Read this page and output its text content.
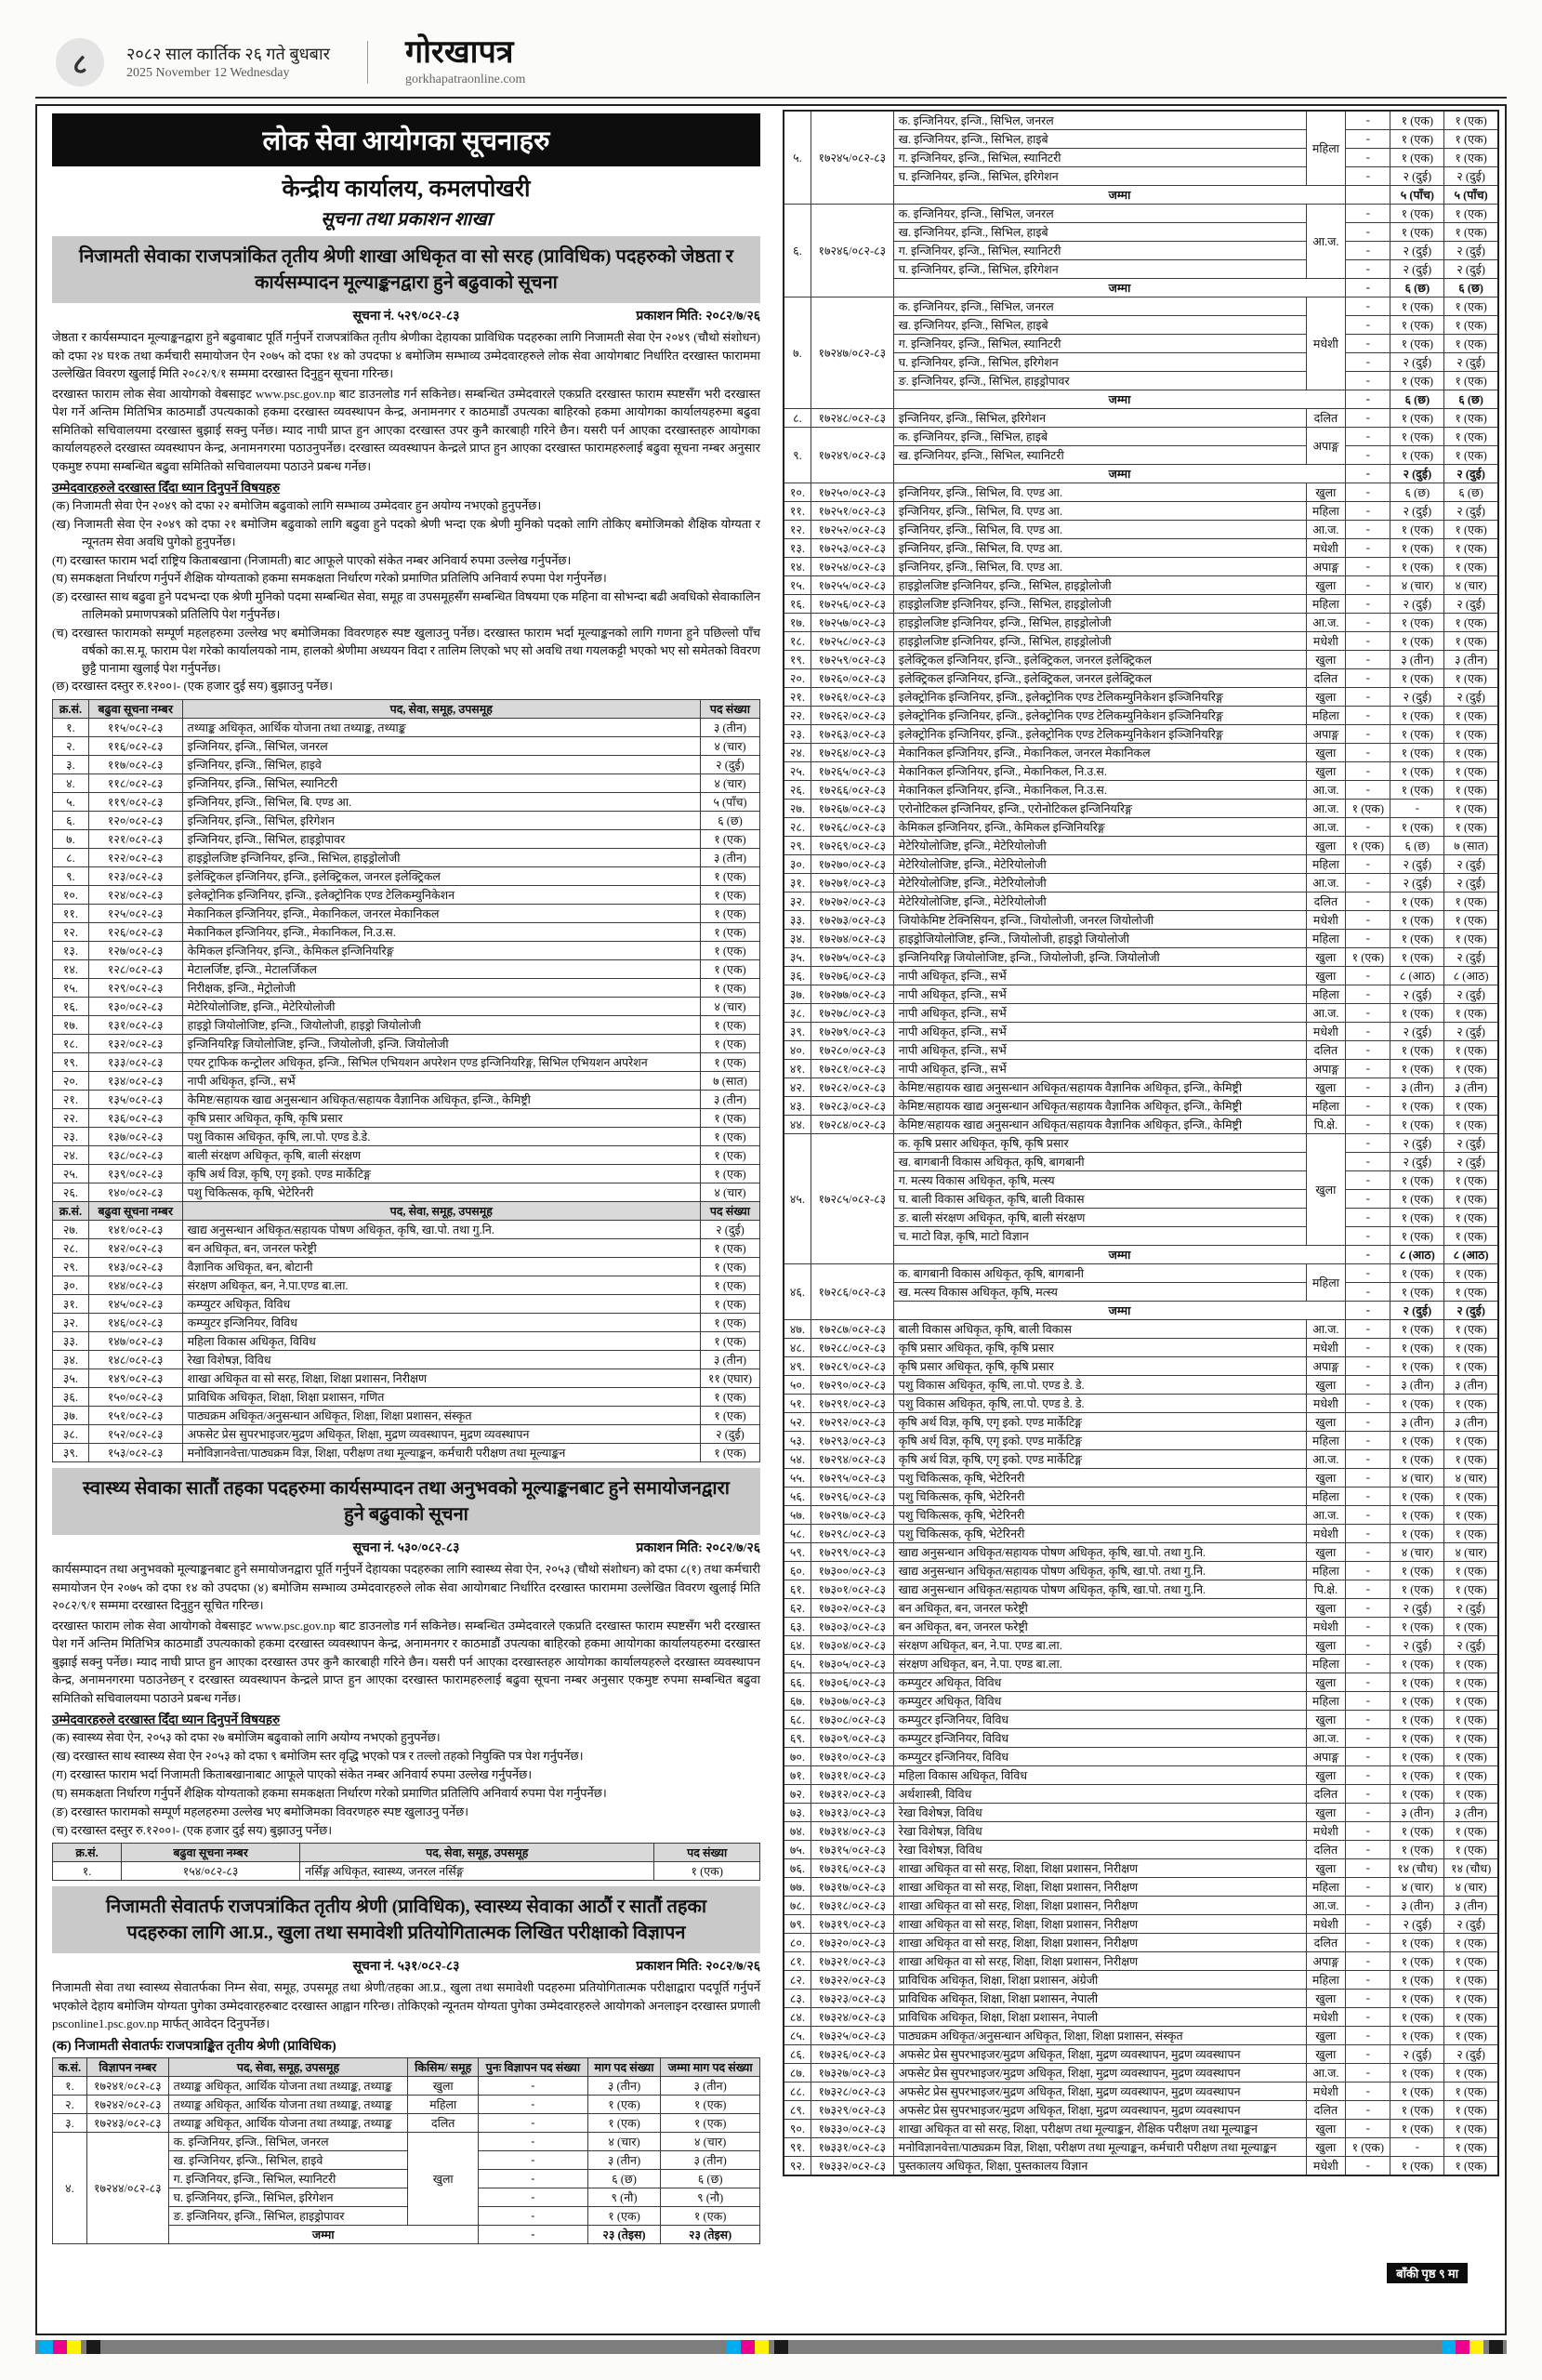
८	२०८२ साल कार्तिक २६ गते बुधबार
2025 November 12 Wednesday
गोरखापत्र
gorkhapatraonline.com
लोक सेवा आयोगका सूचनाहरु
केन्द्रीय कार्यालय, कमलपोखरी
सूचना तथा प्रकाशन शाखा
निजामती सेवाका राजपत्रांकित तृतीय श्रेणी शाखा अधिकृत वा सो सरह (प्राविधिक) पदहरुको जेष्ठता र कार्यसम्पादन मूल्याङ्कनद्वारा हुने बढुवाको सूचना
सूचना नं. ५२९/०८२-८३	प्रकाशन मिति: २०८२/७/२६

जेष्ठता र कार्यसम्पादन मूल्याङ्कनद्वारा हुने बढुवाबाट पूर्ति गर्नुपर्ने राजपत्रांकित तृतीय श्रेणीका देहायका प्राविधिक पदहरुका लागि निजामती सेवा ऐन २०४९ (चौथो संशोधन) को दफा २४ घ१क तथा कर्मचारी समायोजन ऐन २०७५ को दफा १४ को उपदफा ४ बमोजिम सम्भाव्य उम्मेदवारहरुले लोक सेवा आयोगबाट निर्धारित दरखास्त फाराममा उल्लेखित विवरण खुलाई मिति २०८२/९/१ सम्ममा दरखास्त दिनुहुन सूचना गरिन्छ।

दरखास्त फाराम लोक सेवा आयोगको वेबसाइट www.psc.gov.np बाट डाउनलोड गर्न सकिनेछ। सम्बन्धित उम्मेदवारले एकप्रति दरखास्त फाराम स्पष्टसँग भरी दरखास्त पेश गर्ने अन्तिम मितिभित्र काठमाडौं उपत्यकाको हकमा दरखास्त व्यवस्थापन केन्द्र, अनामनगर र काठमाडौं उपत्यका बाहिरको हकमा आयोगका कार्यालयहरुमा बढुवा समितिको सचिवालयमा दरखास्त बुझाई सक्नु पर्नेछ। म्याद नाघी प्राप्त हुन आएका दरखास्त उपर कुनै कारबाही गरिने छैन। यसरी पर्न आएका दरखास्तहरु आयोगका कार्यालयहरुले दरखास्त व्यवस्थापन केन्द्र, अनामनगरमा पठाउनुपर्नेछ। दरखास्त व्यवस्थापन केन्द्रले प्राप्त हुन आएका दरखास्त फारामहरुलाई बढुवा सूचना नम्बर अनुसार एकमुष्ट रुपमा सम्बन्धित बढुवा समितिको सचिवालयमा पठाउने प्रबन्ध गर्नेछ।

उम्मेदवारहरुले दरखास्त दिँदा ध्यान दिनुपर्ने विषयहरु

(क) निजामती सेवा ऐन २०४९ को दफा २२ बमोजिम बढुवाको लागि सम्भाव्य उम्मेदवार हुन अयोग्य नभएको हुनुपर्नेछ।

(ख) निजामती सेवा ऐन २०४९ को दफा २१ बमोजिम बढुवाको लागि बढुवा हुने पदको श्रेणी भन्दा एक श्रेणी मुनिको पदको लागि तोकिए बमोजिमको शैक्षिक योग्यता र न्यूनतम सेवा अवधि पुगेको हुनुपर्नेछ।

(ग) दरखास्त फाराम भर्दा राष्ट्रिय किताबखाना (निजामती) बाट आफूले पाएको संकेत नम्बर अनिवार्य रुपमा उल्लेख गर्नुपर्नेछ।

(घ) समकक्षता निर्धारण गर्नुपर्ने शैक्षिक योग्यताको हकमा समकक्षता निर्धारण गरेको प्रमाणित प्रतिलिपि अनिवार्य रुपमा पेश गर्नुपर्नेछ।

(ङ) दरखास्त साथ बढुवा हुने पदभन्दा एक श्रेणी मुनिको पदमा सम्बन्धित सेवा, समूह वा उपसमूहसँग सम्बन्धित विषयमा एक महिना वा सोभन्दा बढी अवधिको सेवाकालिन तालिमको प्रमाणपत्रको प्रतिलिपि पेश गर्नुपर्नेछ।

(च) दरखास्त फारामको सम्पूर्ण महलहरुमा उल्लेख भए बमोजिमका विवरणहरु स्पष्ट खुलाउनु पर्नेछ। दरखास्त फाराम भर्दा मूल्याङ्कनको लागि गणना हुने पछिल्लो पाँच वर्षको का.स.मू. फाराम पेश गरेको कार्यालयको नाम, हालको श्रेणीमा अध्ययन विदा र तालिम लिएको भए सो अवधि तथा गयलकट्टी भएको भए सो समेतको विवरण छुट्टै पानामा खुलाई पेश गर्नुपर्नेछ।

(छ) दरखास्त दस्तुर रु.१२००।- (एक हजार दुई सय) बुझाउनु पर्नेछ।

क्र.सं.	बढुवा सूचना नम्बर	पद, सेवा, समूह, उपसमूह	पद संख्या
१.	११५/०८२-८३	तथ्याङ्क अधिकृत, आर्थिक योजना तथा तथ्याङ्क, तथ्याङ्क	३ (तीन)
२.	११६/०८२-८३	इन्जिनियर, इन्जि., सिभिल, जनरल	४ (चार)
३.	११७/०८२-८३	इन्जिनियर, इन्जि., सिभिल, हाइवे	२ (दुई)
४.	११८/०८२-८३	इन्जिनियर, इन्जि., सिभिल, स्यानिटरी	४ (चार)
५.	११९/०८२-८३	इन्जिनियर, इन्जि., सिभिल, बि. एण्ड आ.	५ (पाँच)
६.	१२०/०८२-८३	इन्जिनियर, इन्जि., सिभिल, इरिगेशन	६ (छ)
७.	१२१/०८२-८३	इन्जिनियर, इन्जि., सिभिल, हाइड्रोपावर	१ (एक)
८.	१२२/०८२-८३	हाइड्रोलजिष्ट इन्जिनियर, इन्जि., सिभिल, हाइड्रोलोजी	३ (तीन)
९.	१२३/०८२-८३	इलेक्ट्रिकल इन्जिनियर, इन्जि., इलेक्ट्रिकल, जनरल इलेक्ट्रिकल	१ (एक)
१०.	१२४/०८२-८३	इलेक्ट्रोनिक इन्जिनियर, इन्जि., इलेक्ट्रोनिक एण्ड टेलिकम्युनिकेशन	१ (एक)
११.	१२५/०८२-८३	मेकानिकल इन्जिनियर, इन्जि., मेकानिकल, जनरल मेकानिकल	१ (एक)
१२.	१२६/०८२-८३	मेकानिकल इन्जिनियर, इन्जि., मेकानिकल, नि.उ.स.	१ (एक)
१३.	१२७/०८२-८३	केमिकल इन्जिनियर, इन्जि., केमिकल इन्जिनियरिङ्ग	१ (एक)
१४.	१२८/०८२-८३	मेटालर्जिष्ट, इन्जि., मेटालर्जिकल	१ (एक)
१५.	१२९/०८२-८३	निरीक्षक, इन्जि., मेट्रोलोजी	१ (एक)
१६.	१३०/०८२-८३	मेटेरियोलोजिष्ट, इन्जि., मेटेरियोलोजी	४ (चार)
१७.	१३१/०८२-८३	हाइड्रो जियोलोजिष्ट, इन्जि., जियोलोजी, हाइड्रो जियोलोजी	१ (एक)
१८.	१३२/०८२-८३	इन्जिनियरिङ्ग जियोलोजिष्ट, इन्जि., जियोलोजी, इन्जि. जियोलोजी	१ (एक)
१९.	१३३/०८२-८३	एयर ट्राफिक कन्ट्रोलर अधिकृत, इन्जि., सिभिल एभियशन अपरेशन एण्ड इन्जिनियरिङ्ग, सिभिल एभियशन अपरेशन	१ (एक)
२०.	१३४/०८२-८३	नापी अधिकृत, इन्जि., सर्भे	७ (सात)
२१.	१३५/०८२-८३	केमिष्ट/सहायक खाद्य अनुसन्धान अधिकृत/सहायक वैज्ञानिक अधिकृत, इन्जि., केमिष्ट्री	३ (तीन)
२२.	१३६/०८२-८३	कृषि प्रसार अधिकृत, कृषि, कृषि प्रसार	१ (एक)
२३.	१३७/०८२-८३	पशु विकास अधिकृत, कृषि, ला.पो. एण्ड डे.डे.	१ (एक)
२४.	१३८/०८२-८३	बाली संरक्षण अधिकृत, कृषि, बाली संरक्षण	१ (एक)
२५.	१३९/०८२-८३	कृषि अर्थ विज्ञ, कृषि, एगृ इको. एण्ड मार्केटिङ्ग	१ (एक)
२६.	१४०/०८२-८३	पशु चिकित्सक, कृषि, भेटेरिनरी	४ (चार)
क्र.सं.	बढुवा सूचना नम्बर	पद, सेवा, समूह, उपसमूह	पद संख्या
२७.	१४१/०८२-८३	खाद्य अनुसन्धान अधिकृत/सहायक पोषण अधिकृत, कृषि, खा.पो. तथा गु.नि.	२ (दुई)
२८.	१४२/०८२-८३	बन अधिकृत, बन, जनरल फरेष्ट्री	१ (एक)
२९.	१४३/०८२-८३	वैज्ञानिक अधिकृत, बन, बोटानी	१ (एक)
३०.	१४४/०८२-८३	संरक्षण अधिकृत, बन, ने.पा.एण्ड बा.ला.	१ (एक)
३१.	१४५/०८२-८३	कम्प्युटर अधिकृत, विविध	१ (एक)
३२.	१४६/०८२-८३	कम्प्युटर इन्जिनियर, विविध	१ (एक)
३३.	१४७/०८२-८३	महिला विकास अधिकृत, विविध	१ (एक)
३४.	१४८/०८२-८३	रेखा विशेषज्ञ, विविध	३ (तीन)
३५.	१४९/०८२-८३	शाखा अधिकृत वा सो सरह, शिक्षा, शिक्षा प्रशासन, निरीक्षण	११ (एघार)
३६.	१५०/०८२-८३	प्राविधिक अधिकृत, शिक्षा, शिक्षा प्रशासन, गणित	१ (एक)
३७.	१५१/०८२-८३	पाठ्यक्रम अधिकृत/अनुसन्धान अधिकृत, शिक्षा, शिक्षा प्रशासन, संस्कृत	१ (एक)
३८.	१५२/०८२-८३	अफसेट प्रेस सुपरभाइजर/मुद्रण अधिकृत, शिक्षा, मुद्रण व्यवस्थापन, मुद्रण व्यवस्थापन	२ (दुई)
३९.	१५३/०८२-८३	मनोविज्ञानवेत्ता/पाठ्यक्रम विज्ञ, शिक्षा, परीक्षण तथा मूल्याङ्कन, कर्मचारी परीक्षण तथा मूल्याङ्कन	१ (एक)
स्वास्थ्य सेवाका सातौं तहका पदहरुमा कार्यसम्पादन तथा अनुभवको मूल्याङ्कनबाट हुने समायोजनद्वारा हुने बढुवाको सूचना
सूचना नं. ५३०/०८२-८३	प्रकाशन मिति: २०८२/७/२६

कार्यसम्पादन तथा अनुभवको मूल्याङ्कनबाट हुने समायोजनद्वारा पूर्ति गर्नुपर्ने देहायका पदहरुका लागि स्वास्थ्य सेवा ऐन, २०५३ (चौथो संशोधन) को दफा ८(१) तथा कर्मचारी समायोजन ऐन २०७५ को दफा १४ को उपदफा (४) बमोजिम सम्भाव्य उम्मेदवारहरुले लोक सेवा आयोगबाट निर्धारित दरखास्त फाराममा उल्लेखित विवरण खुलाई मिति २०८२/९/१ सम्ममा दरखास्त दिनुहुन सूचित गरिन्छ।

दरखास्त फाराम लोक सेवा आयोगको वेबसाइट www.psc.gov.np बाट डाउनलोड गर्न सकिनेछ। सम्बन्धित उम्मेदवारले एकप्रति दरखास्त फाराम स्पष्टसँग भरी दरखास्त पेश गर्ने अन्तिम मितिभित्र काठमाडौं उपत्यकाको हकमा दरखास्त व्यवस्थापन केन्द्र, अनामनगर र काठमाडौं उपत्यका बाहिरको हकमा आयोगका कार्यालयहरुमा दरखास्त बुझाई सक्नु पर्नेछ। म्याद नाघी प्राप्त हुन आएका दरखास्त उपर कुनै कारबाही गरिने छैन। यसरी पर्न आएका दरखास्तहरु आयोगका कार्यालयहरुले दरखास्त व्यवस्थापन केन्द्र, अनामनगरमा पठाउनेछन् र दरखास्त व्यवस्थापन केन्द्रले प्राप्त हुन आएका दरखास्त फारामहरुलाई बढुवा सूचना नम्बर अनुसार एकमुष्ट रुपमा सम्बन्धित बढुवा समितिको सचिवालयमा पठाउने प्रबन्ध गर्नेछ।

उम्मेदवारहरुले दरखास्त दिँदा ध्यान दिनुपर्ने विषयहरु

(क) स्वास्थ्य सेवा ऐन, २०५३ को दफा २७ बमोजिम बढुवाको लागि अयोग्य नभएको हुनुपर्नेछ।

(ख) दरखास्त साथ स्वास्थ्य सेवा ऐन २०५३ को दफा ९ बमोजिम स्तर वृद्धि भएको पत्र र तल्लो तहको नियुक्ति पत्र पेश गर्नुपर्नेछ।

(ग) दरखास्त फाराम भर्दा निजामती किताबखानाबाट आफूले पाएको संकेत नम्बर अनिवार्य रुपमा उल्लेख गर्नुपर्नेछ।

(घ) समकक्षता निर्धारण गर्नुपर्ने शैक्षिक योग्यताको हकमा समकक्षता निर्धारण गरेको प्रमाणित प्रतिलिपि अनिवार्य रुपमा पेश गर्नुपर्नेछ।

(ङ) दरखास्त फारामको सम्पूर्ण महलहरुमा उल्लेख भए बमोजिमका विवरणहरु स्पष्ट खुलाउनु पर्नेछ।

(च) दरखास्त दस्तुर रु.१२००।- (एक हजार दुई सय) बुझाउनु पर्नेछ।

क्र.सं.	बढुवा सूचना नम्बर	पद, सेवा, समूह, उपसमूह	पद संख्या
१.	१५४/०८२-८३	नर्सिङ्ग अधिकृत, स्वास्थ्य, जनरल नर्सिङ्ग	१ (एक)
निजामती सेवातर्फ राजपत्रांकित तृतीय श्रेणी (प्राविधिक), स्वास्थ्य सेवाका आठौं र सातौं तहका पदहरुका लागि आ.प्र., खुला तथा समावेशी प्रतियोगितात्मक लिखित परीक्षाको विज्ञापन
सूचना नं. ५३१/०८२-८३	प्रकाशन मिति: २०८२/७/२६

निजामती सेवा तथा स्वास्थ्य सेवातर्फका निम्न सेवा, समूह, उपसमूह तथा श्रेणी/तहका आ.प्र., खुला तथा समावेशी पदहरुमा प्रतियोगितात्मक परीक्षाद्वारा पदपूर्ति गर्नुपर्ने भएकोले देहाय बमोजिम योग्यता पुगेका उम्मेदवारहरुबाट दरखास्त आह्वान गरिन्छ। तोकिएको न्यूनतम योग्यता पुगेका उम्मेदवारहरुले आयोगको अनलाइन दरखास्त प्रणाली psconline1.psc.gov.np मार्फत् आवेदन दिनुपर्नेछ।

(क) निजामती सेवातर्फः राजपत्राङ्कित तृतीय श्रेणी (प्राविधिक)
क.सं.	विज्ञापन नम्बर	पद, सेवा, समूह, उपसमूह	किसिम/ समूह	पुनः विज्ञापन पद संख्या	माग पद संख्या	जम्मा माग पद संख्या
१.	१७२४१/०८२-८३	तथ्याङ्क अधिकृत, आर्थिक योजना तथा तथ्याङ्क, तथ्याङ्क	खुला	-	३ (तीन)	३ (तीन)
२.	१७२४२/०८२-८३	तथ्याङ्क अधिकृत, आर्थिक योजना तथा तथ्याङ्क, तथ्याङ्क	महिला	-	१ (एक)	१ (एक)
३.	१७२४३/०८२-८३	तथ्याङ्क अधिकृत, आर्थिक योजना तथा तथ्याङ्क, तथ्याङ्क	दलित	-	१ (एक)	१ (एक)
४.	१७२४४/०८२-८३	क. इन्जिनियर, इन्जि., सिभिल, जनरल	खुला	-	४ (चार)	४ (चार)
		ख. इन्जिनियर, इन्जि., सिभिल, हाइवे		-	३ (तीन)	३ (तीन)
		ग. इन्जिनियर, इन्जि., सिभिल, स्यानिटरी		-	६ (छ)	६ (छ)
		घ. इन्जिनियर, इन्जि., सिभिल, इरिगेशन		-	९ (नौ)	९ (नौ)
		ङ. इन्जिनियर, इन्जि., सिभिल, हाइड्रोपावर		-	१ (एक)	१ (एक)
		जम्मा		-	२३ (तेइस)	२३ (तेइस)
५.	१७२४५/०८२-८३	क. इन्जिनियर, इन्जि., सिभिल, जनरल	महिला	-	१ (एक)	१ (एक)
		ख. इन्जिनियर, इन्जि., सिभिल, हाइबे		-	१ (एक)	१ (एक)
		ग. इन्जिनियर, इन्जि., सिभिल, स्यानिटरी		-	१ (एक)	१ (एक)
		घ. इन्जिनियर, इन्जि., सिभिल, इरिगेशन		-	२ (दुई)	२ (दुई)
		जम्मा			५ (पाँच)	५ (पाँच)
६.	१७२४६/०८२-८३	क. इन्जिनियर, इन्जि., सिभिल, जनरल	आ.ज.	-	१ (एक)	१ (एक)
		ख. इन्जिनियर, इन्जि., सिभिल, हाइबे		-	१ (एक)	१ (एक)
		ग. इन्जिनियर, इन्जि., सिभिल, स्यानिटरी		-	२ (दुई)	२ (दुई)
		घ. इन्जिनियर, इन्जि., सिभिल, इरिगेशन		-	२ (दुई)	२ (दुई)
		जम्मा		-	६ (छ)	६ (छ)
७.	१७२४७/०८२-८३	क. इन्जिनियर, इन्जि., सिभिल, जनरल	मधेशी	-	१ (एक)	१ (एक)
		ख. इन्जिनियर, इन्जि., सिभिल, हाइबे		-	१ (एक)	१ (एक)
		ग. इन्जिनियर, इन्जि., सिभिल, स्यानिटरी		-	१ (एक)	१ (एक)
		घ. इन्जिनियर, इन्जि., सिभिल, इरिगेशन		-	२ (दुई)	२ (दुई)
		ङ. इन्जिनियर, इन्जि., सिभिल, हाइड्रोपावर		-	१ (एक)	१ (एक)
		जम्मा		-	६ (छ)	६ (छ)
८.	१७२४८/०८२-८३	इन्जिनियर, इन्जि., सिभिल, इरिगेशन	दलित	-	१ (एक)	१ (एक)
९.	१७२४९/०८२-८३	क. इन्जिनियर, इन्जि., सिभिल, हाइबे	अपाङ्ग	-	१ (एक)	१ (एक)
		ख. इन्जिनियर, इन्जि., सिभिल, स्यानिटरी		-	१ (एक)	१ (एक)
		जम्मा		-	२ (दुई)	२ (दुई)
१०.	१७२५०/०८२-८३	इन्जिनियर, इन्जि., सिभिल, वि. एण्ड आ.	खुला	-	६ (छ)	६ (छ)
११.	१७२५१/०८२-८३	इन्जिनियर, इन्जि., सिभिल, वि. एण्ड आ.	महिला	-	२ (दुई)	२ (दुई)
१२.	१७२५२/०८२-८३	इन्जिनियर, इन्जि., सिभिल, वि. एण्ड आ.	आ.ज.	-	१ (एक)	१ (एक)
१३.	१७२५३/०८२-८३	इन्जिनियर, इन्जि., सिभिल, वि. एण्ड आ.	मधेशी	-	१ (एक)	१ (एक)
१४.	१७२५४/०८२-८३	इन्जिनियर, इन्जि., सिभिल, वि. एण्ड आ.	अपाङ्ग	-	१ (एक)	१ (एक)
१५.	१७२५५/०८२-८३	हाइड्रोलजिष्ट इन्जिनियर, इन्जि., सिभिल, हाइड्रोलोजी	खुला	-	४ (चार)	४ (चार)
१६.	१७२५६/०८२-८३	हाइड्रोलजिष्ट इन्जिनियर, इन्जि., सिभिल, हाइड्रोलोजी	महिला	-	२ (दुई)	२ (दुई)
१७.	१७२५७/०८२-८३	हाइड्रोलजिष्ट इन्जिनियर, इन्जि., सिभिल, हाइड्रोलोजी	आ.ज.	-	१ (एक)	१ (एक)
१८.	१७२५८/०८२-८३	हाइड्रोलजिष्ट इन्जिनियर, इन्जि., सिभिल, हाइड्रोलोजी	मधेशी	-	१ (एक)	१ (एक)
१९.	१७२५९/०८२-८३	इलेक्ट्रिकल इन्जिनियर, इन्जि., इलेक्ट्रिकल, जनरल इलेक्ट्रिकल	खुला	-	३ (तीन)	३ (तीन)
२०.	१७२६०/०८२-८३	इलेक्ट्रिकल इन्जिनियर, इन्जि., इलेक्ट्रिकल, जनरल इलेक्ट्रिकल	दलित	-	१ (एक)	१ (एक)
२१.	१७२६१/०८२-८३	इलेक्ट्रोनिक इन्जिनियर, इन्जि., इलेक्ट्रोनिक एण्ड टेलिकम्युनिकेशन इञ्जिनियरिङ्ग	खुला	-	२ (दुई)	२ (दुई)
२२.	१७२६२/०८२-८३	इलेक्ट्रोनिक इन्जिनियर, इन्जि., इलेक्ट्रोनिक एण्ड टेलिकम्युनिकेशन इञ्जिनियरिङ्ग	महिला	-	१ (एक)	१ (एक)
२३.	१७२६३/०८२-८३	इलेक्ट्रोनिक इन्जिनियर, इन्जि., इलेक्ट्रोनिक एण्ड टेलिकम्युनिकेशन इञ्जिनियरिङ्ग	अपाङ्ग	-	१ (एक)	१ (एक)
२४.	१७२६४/०८२-८३	मेकानिकल इन्जिनियर, इन्जि., मेकानिकल, जनरल मेकानिकल	खुला	-	१ (एक)	१ (एक)
२५.	१७२६५/०८२-८३	मेकानिकल इन्जिनियर, इन्जि., मेकानिकल, नि.उ.स.	खुला	-	१ (एक)	१ (एक)
२६.	१७२६६/०८२-८३	मेकानिकल इन्जिनियर, इन्जि., मेकानिकल, नि.उ.स.	आ.ज.	-	१ (एक)	१ (एक)
२७.	१७२६७/०८२-८३	एरोनोटिकल इन्जिनियर, इन्जि., एरोनोटिकल इन्जिनियरिङ्ग	आ.ज.	१ (एक)	-	१ (एक)
२८.	१७२६८/०८२-८३	केमिकल इन्जिनियर, इन्जि., केमिकल इन्जिनियरिङ्ग	आ.ज.	-	१ (एक)	१ (एक)
२९.	१७२६९/०८२-८३	मेटेरियोलोजिष्ट, इन्जि., मेटेरियोलोजी	खुला	१ (एक)	६ (छ)	७ (सात)
३०.	१७२७०/०८२-८३	मेटेरियोलोजिष्ट, इन्जि., मेटेरियोलोजी	महिला	-	२ (दुई)	२ (दुई)
३१.	१७२७१/०८२-८३	मेटेरियोलोजिष्ट, इन्जि., मेटेरियोलोजी	आ.ज.	-	२ (दुई)	२ (दुई)
३२.	१७२७२/०८२-८३	मेटेरियोलोजिष्ट, इन्जि., मेटेरियोलोजी	दलित	-	१ (एक)	१ (एक)
३३.	१७२७३/०८२-८३	जियोकेमिष्ट टेक्निसियन, इन्जि., जियोलोजी, जनरल जियोलोजी	मधेशी	-	१ (एक)	१ (एक)
३४.	१७२७४/०८२-८३	हाइड्रोजियोलोजिष्ट, इन्जि., जियोलोजी, हाइड्रो जियोलोजी	महिला	-	१ (एक)	१ (एक)
३५.	१७२७५/०८२-८३	इन्जिनियरिङ्ग जियोलोजिष्ट, इन्जि., जियोलोजी, इन्जि. जियोलोजी	खुला	१ (एक)	१ (एक)	२ (दुई)
३६.	१७२७६/०८२-८३	नापी अधिकृत, इन्जि., सर्भे	खुला	-	८ (आठ)	८ (आठ)
३७.	१७२७७/०८२-८३	नापी अधिकृत, इन्जि., सर्भे	महिला	-	२ (दुई)	२ (दुई)
३८.	१७२७८/०८२-८३	नापी अधिकृत, इन्जि., सर्भे	आ.ज.	-	१ (एक)	१ (एक)
३९.	१७२७९/०८२-८३	नापी अधिकृत, इन्जि., सर्भे	मधेशी	-	२ (दुई)	२ (दुई)
४०.	१७२८०/०८२-८३	नापी अधिकृत, इन्जि., सर्भे	दलित	-	१ (एक)	१ (एक)
४१.	१७२८१/०८२-८३	नापी अधिकृत, इन्जि., सर्भे	अपाङ्ग	-	१ (एक)	१ (एक)
४२.	१७२८२/०८२-८३	केमिष्ट/सहायक खाद्य अनुसन्धान अधिकृत/सहायक वैज्ञानिक अधिकृत, इन्जि., केमिष्ट्री	खुला	-	३ (तीन)	३ (तीन)
४३.	१७२८३/०८२-८३	केमिष्ट/सहायक खाद्य अनुसन्धान अधिकृत/सहायक वैज्ञानिक अधिकृत, इन्जि., केमिष्ट्री	महिला	-	१ (एक)	१ (एक)
४४.	१७२८४/०८२-८३	केमिष्ट/सहायक खाद्य अनुसन्धान अधिकृत/सहायक वैज्ञानिक अधिकृत, इन्जि., केमिष्ट्री	पि.क्षे.	-	१ (एक)	१ (एक)
४५.	१७२८५/०८२-८३	क. कृषि प्रसार अधिकृत, कृषि, कृषि प्रसार	खुला	-	२ (दुई)	२ (दुई)
		ख. बागबानी विकास अधिकृत, कृषि, बागबानी		-	२ (दुई)	२ (दुई)
		ग. मत्स्य विकास अधिकृत, कृषि, मत्स्य		-	१ (एक)	१ (एक)
		घ. बाली विकास अधिकृत, कृषि, बाली विकास		-	१ (एक)	१ (एक)
		ङ. बाली संरक्षण अधिकृत, कृषि, बाली संरक्षण		-	१ (एक)	१ (एक)
		च. माटो विज्ञ, कृषि, माटो विज्ञान		-	१ (एक)	१ (एक)
		जम्मा		-	८ (आठ)	८ (आठ)
४६.	१७२८६/०८२-८३	क. बागबानी विकास अधिकृत, कृषि, बागबानी	महिला	-	१ (एक)	१ (एक)
		ख. मत्स्य विकास अधिकृत, कृषि, मत्स्य		-	१ (एक)	१ (एक)
		जम्मा		-	२ (दुई)	२ (दुई)
४७.	१७२८७/०८२-८३	बाली विकास अधिकृत, कृषि, बाली विकास	आ.ज.	-	१ (एक)	१ (एक)
४८.	१७२८८/०८२-८३	कृषि प्रसार अधिकृत, कृषि, कृषि प्रसार	मधेशी	-	१ (एक)	१ (एक)
४९.	१७२८९/०८२-८३	कृषि प्रसार अधिकृत, कृषि, कृषि प्रसार	अपाङ्ग	-	१ (एक)	१ (एक)
५०.	१७२९०/०८२-८३	पशु विकास अधिकृत, कृषि, ला.पो. एण्ड डे. डे.	खुला	-	३ (तीन)	३ (तीन)
५१.	१७२९१/०८२-८३	पशु विकास अधिकृत, कृषि, ला.पो. एण्ड डे. डे.	मधेशी	-	१ (एक)	१ (एक)
५२.	१७२९२/०८२-८३	कृषि अर्थ विज्ञ, कृषि, एगृ इको. एण्ड मार्केटिङ्ग	खुला	-	३ (तीन)	३ (तीन)
५३.	१७२९३/०८२-८३	कृषि अर्थ विज्ञ, कृषि, एगृ इको. एण्ड मार्केटिङ्ग	महिला	-	१ (एक)	१ (एक)
५४.	१७२९४/०८२-८३	कृषि अर्थ विज्ञ, कृषि, एगृ इको. एण्ड मार्केटिङ्ग	आ.ज.	-	१ (एक)	१ (एक)
५५.	१७२९५/०८२-८३	पशु चिकित्सक, कृषि, भेटेरिनरी	खुला	-	४ (चार)	४ (चार)
५६.	१७२९६/०८२-८३	पशु चिकित्सक, कृषि, भेटेरिनरी	महिला	-	१ (एक)	१ (एक)
५७.	१७२९७/०८२-८३	पशु चिकित्सक, कृषि, भेटेरिनरी	आ.ज.	-	१ (एक)	१ (एक)
५८.	१७२९८/०८२-८३	पशु चिकित्सक, कृषि, भेटेरिनरी	मधेशी	-	१ (एक)	१ (एक)
५९.	१७२९९/०८२-८३	खाद्य अनुसन्धान अधिकृत/सहायक पोषण अधिकृत, कृषि, खा.पो. तथा गु.नि.	खुला	-	४ (चार)	४ (चार)
६०.	१७३००/०८२-८३	खाद्य अनुसन्धान अधिकृत/सहायक पोषण अधिकृत, कृषि, खा.पो. तथा गु.नि.	महिला	-	१ (एक)	१ (एक)
६१.	१७३०१/०८२-८३	खाद्य अनुसन्धान अधिकृत/सहायक पोषण अधिकृत, कृषि, खा.पो. तथा गु.नि.	पि.क्षे.	-	१ (एक)	१ (एक)
६२.	१७३०२/०८२-८३	बन अधिकृत, बन, जनरल फरेष्ट्री	खुला	-	२ (दुई)	२ (दुई)
६३.	१७३०३/०८२-८३	बन अधिकृत, बन, जनरल फरेष्ट्री	मधेशी	-	१ (एक)	१ (एक)
६४.	१७३०४/०८२-८३	संरक्षण अधिकृत, बन, ने.पा. एण्ड बा.ला.	खुला	-	२ (दुई)	२ (दुई)
६५.	१७३०५/०८२-८३	संरक्षण अधिकृत, बन, ने.पा. एण्ड बा.ला.	महिला	-	१ (एक)	१ (एक)
६६.	१७३०६/०८२-८३	कम्प्युटर अधिकृत, विविध	खुला	-	१ (एक)	१ (एक)
६७.	१७३०७/०८२-८३	कम्प्युटर अधिकृत, विविध	महिला	-	१ (एक)	१ (एक)
६८.	१७३०८/०८२-८३	कम्प्युटर इन्जिनियर, विविध	खुला	-	१ (एक)	१ (एक)
६९.	१७३०९/०८२-८३	कम्प्युटर इन्जिनियर, विविध	आ.ज.	-	१ (एक)	१ (एक)
७०.	१७३१०/०८२-८३	कम्प्युटर इन्जिनियर, विविध	अपाङ्ग	-	१ (एक)	१ (एक)
७१.	१७३११/०८२-८३	महिला विकास अधिकृत, विविध	खुला	-	१ (एक)	१ (एक)
७२.	१७३१२/०८२-८३	अर्थशास्त्री, विविध	दलित	-	१ (एक)	१ (एक)
७३.	१७३१३/०८२-८३	रेखा विशेषज्ञ, विविध	खुला	-	३ (तीन)	३ (तीन)
७४.	१७३१४/०८२-८३	रेखा विशेषज्ञ, विविध	मधेशी	-	१ (एक)	१ (एक)
७५.	१७३१५/०८२-८३	रेखा विशेषज्ञ, विविध	दलित	-	१ (एक)	१ (एक)
७६.	१७३१६/०८२-८३	शाखा अधिकृत वा सो सरह, शिक्षा, शिक्षा प्रशासन, निरीक्षण	खुला	-	१४ (चौध)	१४ (चौध)
७७.	१७३१७/०८२-८३	शाखा अधिकृत वा सो सरह, शिक्षा, शिक्षा प्रशासन, निरीक्षण	महिला	-	४ (चार)	४ (चार)
७८.	१७३१८/०८२-८३	शाखा अधिकृत वा सो सरह, शिक्षा, शिक्षा प्रशासन, निरीक्षण	आ.ज.	-	३ (तीन)	३ (तीन)
७९.	१७३१९/०८२-८३	शाखा अधिकृत वा सो सरह, शिक्षा, शिक्षा प्रशासन, निरीक्षण	मधेशी	-	२ (दुई)	२ (दुई)
८०.	१७३२०/०८२-८३	शाखा अधिकृत वा सो सरह, शिक्षा, शिक्षा प्रशासन, निरीक्षण	दलित	-	१ (एक)	१ (एक)
८१.	१७३२१/०८२-८३	शाखा अधिकृत वा सो सरह, शिक्षा, शिक्षा प्रशासन, निरीक्षण	अपाङ्ग	-	१ (एक)	१ (एक)
८२.	१७३२२/०८२-८३	प्राविधिक अधिकृत, शिक्षा, शिक्षा प्रशासन, अंग्रेजी	महिला	-	१ (एक)	१ (एक)
८३.	१७३२३/०८२-८३	प्राविधिक अधिकृत, शिक्षा, शिक्षा प्रशासन, नेपाली	खुला	-	१ (एक)	१ (एक)
८४.	१७३२४/०८२-८३	प्राविधिक अधिकृत, शिक्षा, शिक्षा प्रशासन, नेपाली	मधेशी	-	१ (एक)	१ (एक)
८५.	१७३२५/०८२-८३	पाठ्यक्रम अधिकृत/अनुसन्धान अधिकृत, शिक्षा, शिक्षा प्रशासन, संस्कृत	खुला	-	१ (एक)	१ (एक)
८६.	१७३२६/०८२-८३	अफसेट प्रेस सुपरभाइजर/मुद्रण अधिकृत, शिक्षा, मुद्रण व्यवस्थापन, मुद्रण व्यवस्थापन	खुला	-	२ (दुई)	२ (दुई)
८७.	१७३२७/०८२-८३	अफसेट प्रेस सुपरभाइजर/मुद्रण अधिकृत, शिक्षा, मुद्रण व्यवस्थापन, मुद्रण व्यवस्थापन	आ.ज.	-	१ (एक)	१ (एक)
८८.	१७३२८/०८२-८३	अफसेट प्रेस सुपरभाइजर/मुद्रण अधिकृत, शिक्षा, मुद्रण व्यवस्थापन, मुद्रण व्यवस्थापन	मधेशी	-	१ (एक)	१ (एक)
८९.	१७३२९/०८२-८३	अफसेट प्रेस सुपरभाइजर/मुद्रण अधिकृत, शिक्षा, मुद्रण व्यवस्थापन, मुद्रण व्यवस्थापन	दलित	-	१ (एक)	१ (एक)
९०.	१७३३०/०८२-८३	शाखा अधिकृत वा सो सरह, शिक्षा, परीक्षण तथा मूल्याङ्कन, शैक्षिक परीक्षण तथा मूल्याङ्कन	खुला	-	१ (एक)	१ (एक)
९१.	१७३३१/०८२-८३	मनोविज्ञानवेत्ता/पाठ्यक्रम विज्ञ, शिक्षा, परीक्षण तथा मूल्याङ्कन, कर्मचारी परीक्षण तथा मूल्याङ्कन	खुला	१ (एक)	-	१ (एक)
९२.	१७३३२/०८२-८३	पुस्तकालय अधिकृत, शिक्षा, पुस्तकालय विज्ञान	मधेशी	-	१ (एक)	१ (एक)
बाँकी पृष्ठ ९ मा
